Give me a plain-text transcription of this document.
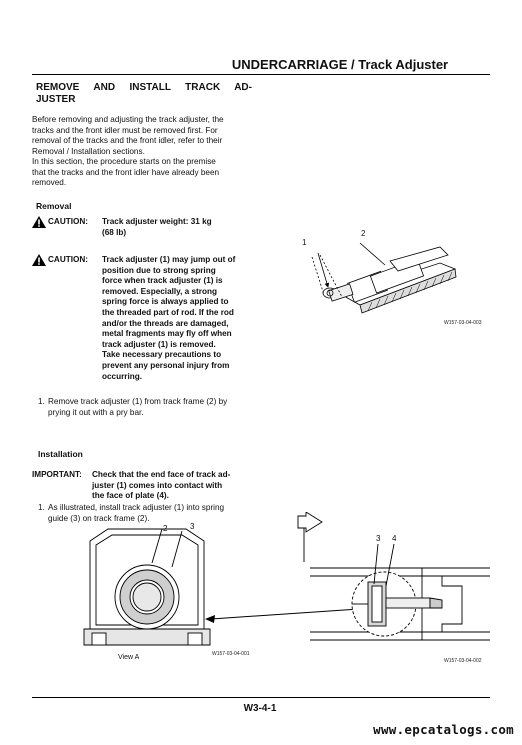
UNDERCARRIAGE / Track Adjuster
REMOVE AND INSTALL TRACK AD-
JUSTER
Before removing and adjusting the track adjuster, the
tracks and the front idler must be removed first. For
removal of the tracks and the front idler, refer to their
Removal / Installation sections.
In this section, the procedure starts on the premise
that the tracks and the front idler have already been
removed.
Removal
CAUTION: Track adjuster weight: 31 kg
(68 lb)
CAUTION: Track adjuster (1) may jump out of
position due to strong spring
force when track adjuster (1) is
removed. Especially, a strong
spring force is always applied to
the threaded part of rod. If the rod
and/or the threads are damaged,
metal fragments may fly off when
track adjuster (1) is removed.
Take necessary precautions to
prevent any personal injury from
occurring.
1. Remove track adjuster (1) from track frame (2) by
prying it out with a pry bar.
Installation
IMPORTANT: Check that the end face of track ad-
juster (1) comes into contact with
the face of plate (4).
1. As illustrated, install track adjuster (1) into spring
guide (3) on track frame (2).
1
2
W157-03-04-003
2	3
View A	W157-03-04-001
3 4
W157-03-04-002
W3-4-1
www.epcatalogs.com
